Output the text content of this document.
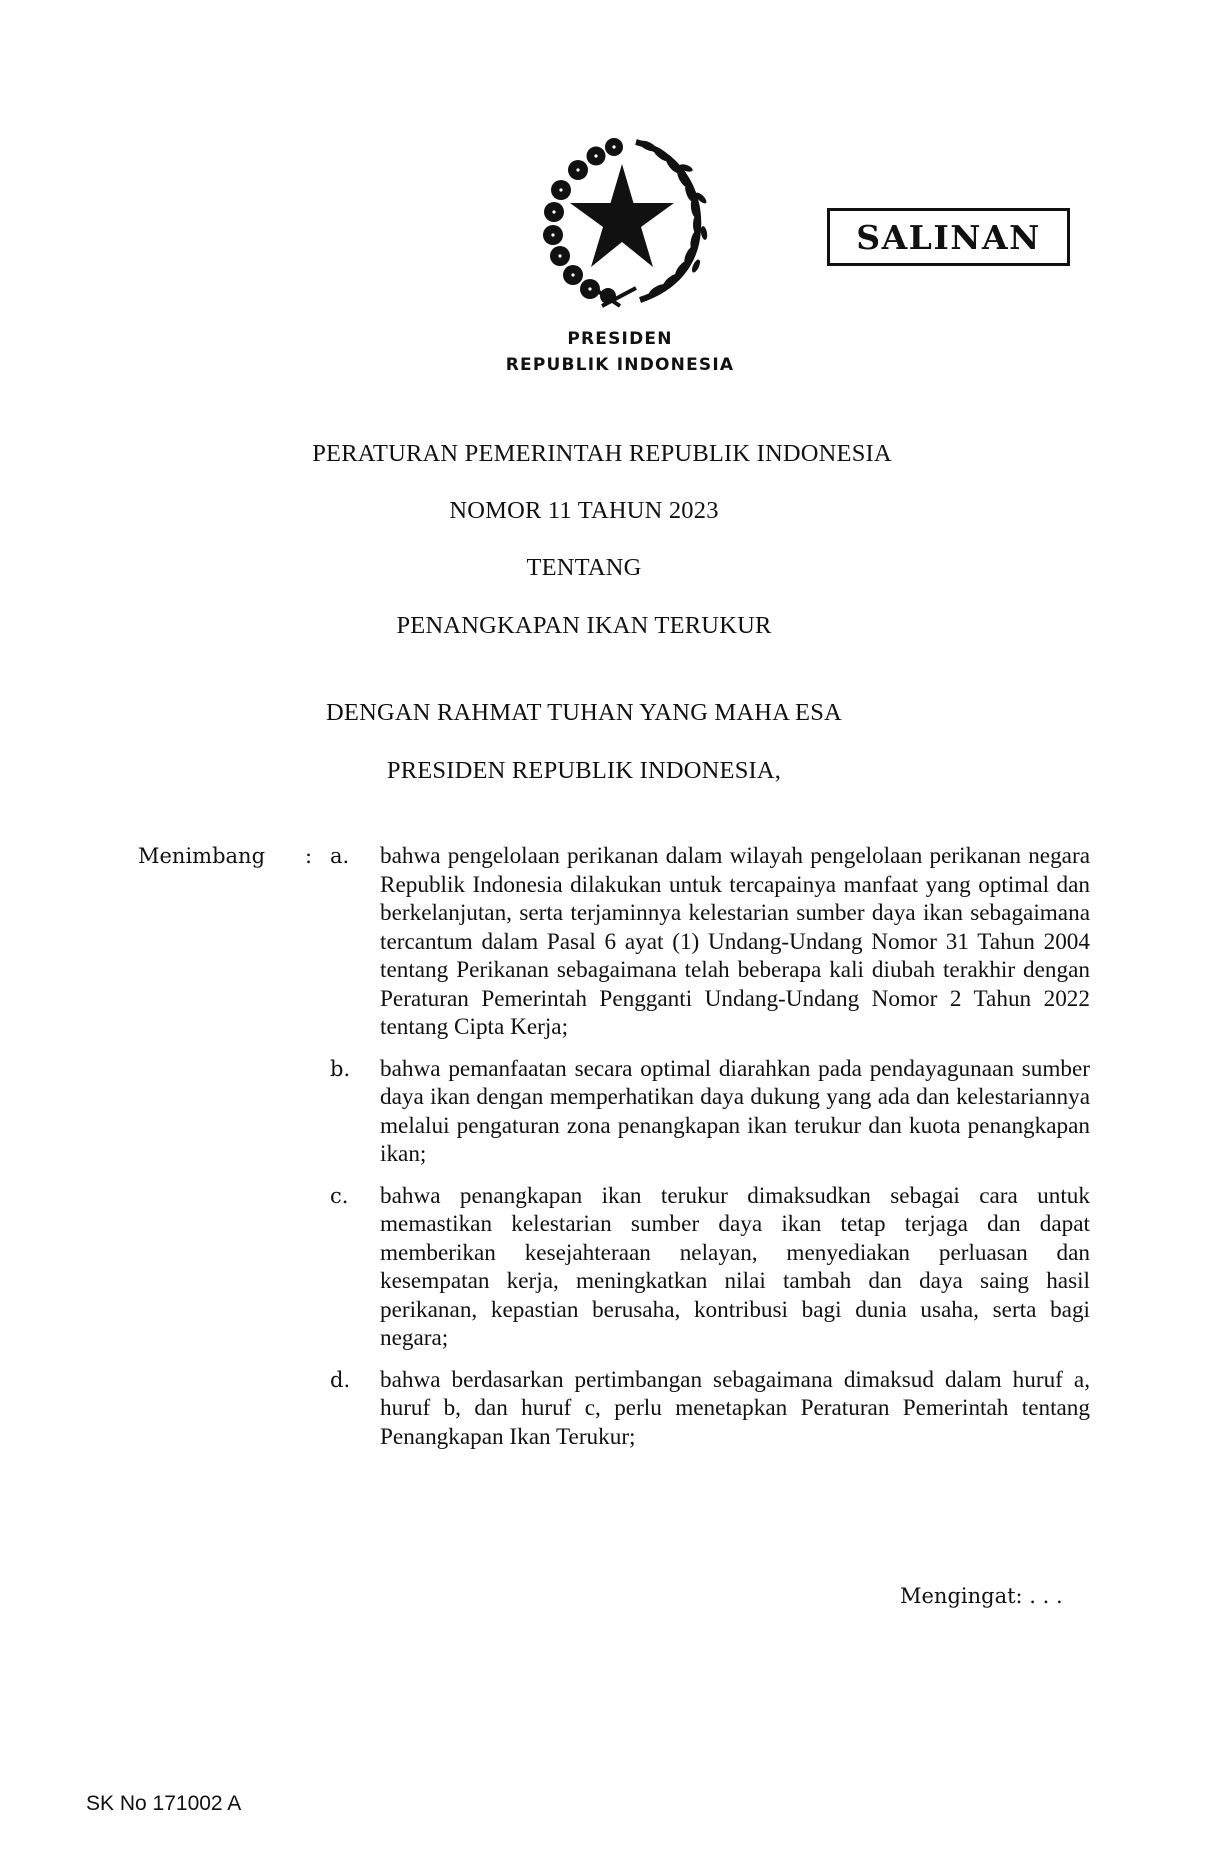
SALINAN
PRESIDEN
REPUBLIK INDONESIA
PERATURAN PEMERINTAH REPUBLIK INDONESIA
NOMOR 11 TAHUN 2023
TENTANG
PENANGKAPAN IKAN TERUKUR
DENGAN RAHMAT TUHAN YANG MAHA ESA
PRESIDEN REPUBLIK INDONESIA,
Menimbang : a.	bahwa pengelolaan perikanan dalam wilayah pengelolaan perikanan negara Republik Indonesia dilakukan untuk tercapainya manfaat yang optimal dan berkelanjutan, serta terjaminnya kelestarian sumber daya ikan sebagaimana tercantum dalam Pasal 6 ayat (1) Undang-Undang Nomor 31 Tahun 2004 tentang Perikanan sebagaimana telah beberapa kali diubah terakhir dengan Peraturan Pemerintah Pengganti Undang-Undang Nomor 2 Tahun 2022 tentang Cipta Kerja;
b.	bahwa pemanfaatan secara optimal diarahkan pada pendayagunaan sumber daya ikan dengan memperhatikan daya dukung yang ada dan kelestariannya melalui pengaturan zona penangkapan ikan terukur dan kuota penangkapan ikan;
c.	bahwa penangkapan ikan terukur dimaksudkan sebagai cara untuk memastikan kelestarian sumber daya ikan tetap terjaga dan dapat memberikan kesejahteraan nelayan, menyediakan perluasan dan kesempatan kerja, meningkatkan nilai tambah dan daya saing hasil perikanan, kepastian berusaha, kontribusi bagi dunia usaha, serta bagi negara;
d.	bahwa berdasarkan pertimbangan sebagaimana dimaksud dalam huruf a, huruf b, dan huruf c, perlu menetapkan Peraturan Pemerintah tentang Penangkapan Ikan Terukur;
Mengingat: . . .
SK No 171002 A
